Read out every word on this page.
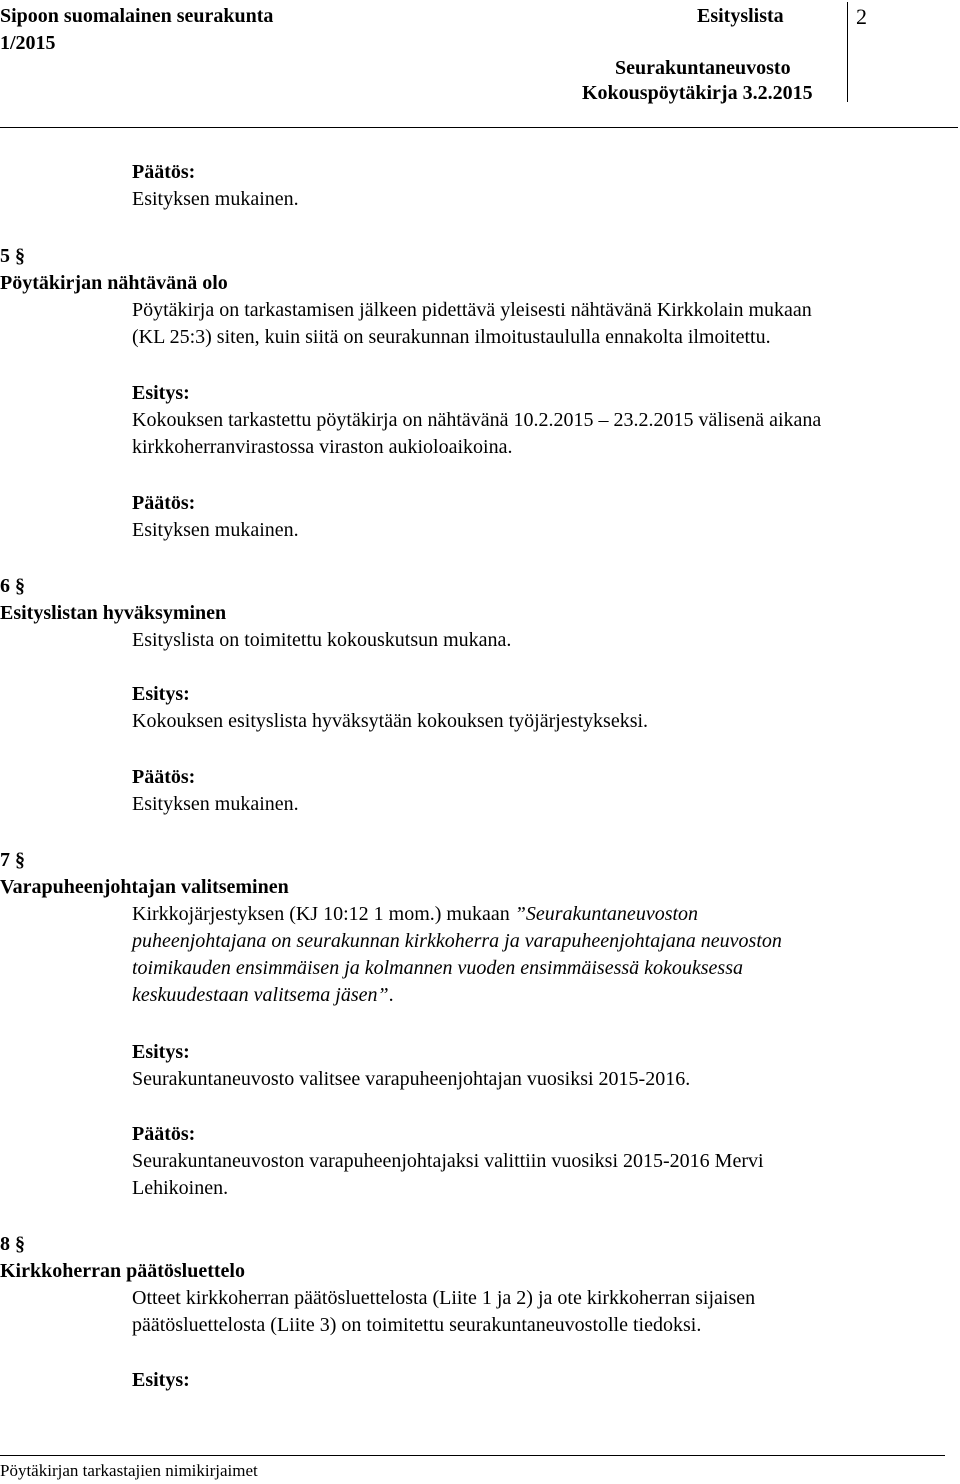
Sipoon suomalainen seurakunta
1/2015
Esityslista	2
Seurakuntaneuvosto
Kokouspöytäkirja 3.2.2015
Päätös:
Esityksen mukainen.
5 §
Pöytäkirjan nähtävänä olo
Pöytäkirja on tarkastamisen jälkeen pidettävä yleisesti nähtävänä Kirkkolain mukaan
(KL 25:3) siten, kuin siitä on seurakunnan ilmoitustaululla ennakolta ilmoitettu.
Esitys:
Kokouksen tarkastettu pöytäkirja on nähtävänä 10.2.2015 – 23.2.2015 välisenä aikana
kirkkoherranvirastossa viraston aukioloaikoina.
Päätös:
Esityksen mukainen.
6 §
Esityslistan hyväksyminen
Esityslista on toimitettu kokouskutsun mukana.
Esitys:
Kokouksen esityslista hyväksytään kokouksen työjärjestykseksi.
Päätös:
Esityksen mukainen.
7 §
Varapuheenjohtajan valitseminen
Kirkkojärjestyksen (KJ 10:12 1 mom.) mukaan ”Seurakuntaneuvoston
puheenjohtajana on seurakunnan kirkkoherra ja varapuheenjohtajana neuvoston
toimikauden ensimmäisen ja kolmannen vuoden ensimmäisessä kokouksessa
keskuudestaan valitsema jäsen”.
Esitys:
Seurakuntaneuvosto valitsee varapuheenjohtajan vuosiksi 2015-2016.
Päätös:
Seurakuntaneuvoston varapuheenjohtajaksi valittiin vuosiksi 2015-2016 Mervi
Lehikoinen.
8 §
Kirkkoherran päätösluettelo
Otteet kirkkoherran päätösluettelosta (Liite 1 ja 2) ja ote kirkkoherran sijaisen
päätösluettelosta (Liite 3) on toimitettu seurakuntaneuvostolle tiedoksi.
Esitys:
Pöytäkirjan tarkastajien nimikirjaimet
